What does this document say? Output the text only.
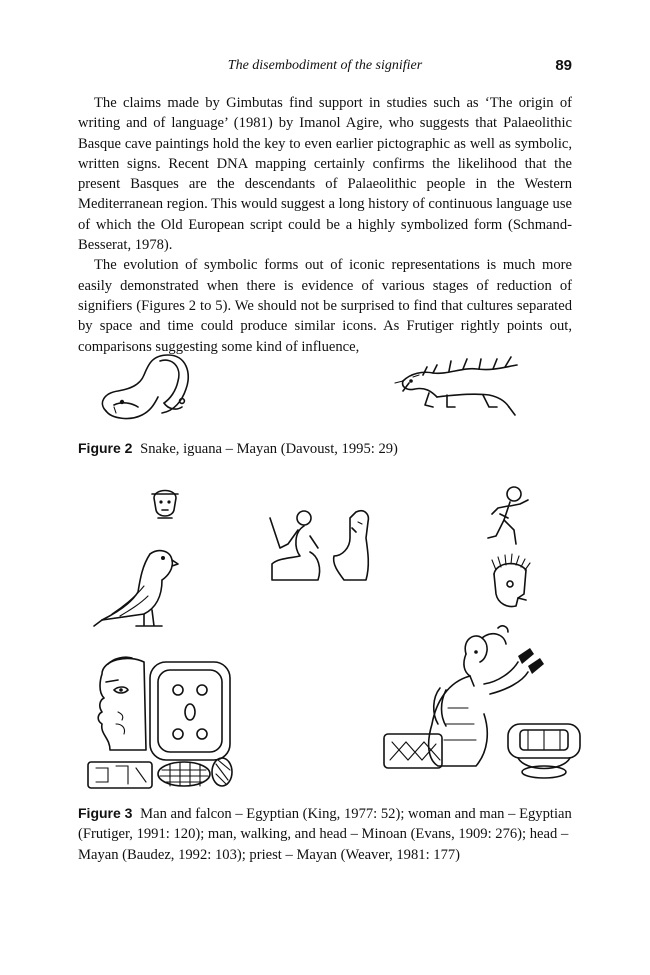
The disembodiment of the signifier	89

The claims made by Gimbutas find support in studies such as ‘The origin of writing and of language’ (1981) by Imanol Agire, who suggests that Palaeolithic Basque cave paintings hold the key to even earlier pictographic as well as symbolic, written signs. Recent DNA mapping certainly confirms the likelihood that the present Basques are the descendants of Palaeolithic people in the Western Mediterranean region. This would suggest a long history of continuous language use of which the Old European script could be a highly symbolized form (Schmand-Besserat, 1978).

The evolution of symbolic forms out of iconic representations is much more easily demonstrated when there is evidence of various stages of reduction of signifiers (Figures 2 to 5). We should not be surprised to find that cultures separated by space and time could produce similar icons. As Frutiger rightly points out, comparisons suggesting some kind of influence,

Figure 2 Snake, iguana – Mayan (Davoust, 1995: 29)
Figure 3 Man and falcon – Egyptian (King, 1977: 52); woman and man – Egyptian (Frutiger, 1991: 120); man, walking, and head – Minoan (Evans, 1909: 276); head – Mayan (Baudez, 1992: 103); priest – Mayan (Weaver, 1981: 177)
